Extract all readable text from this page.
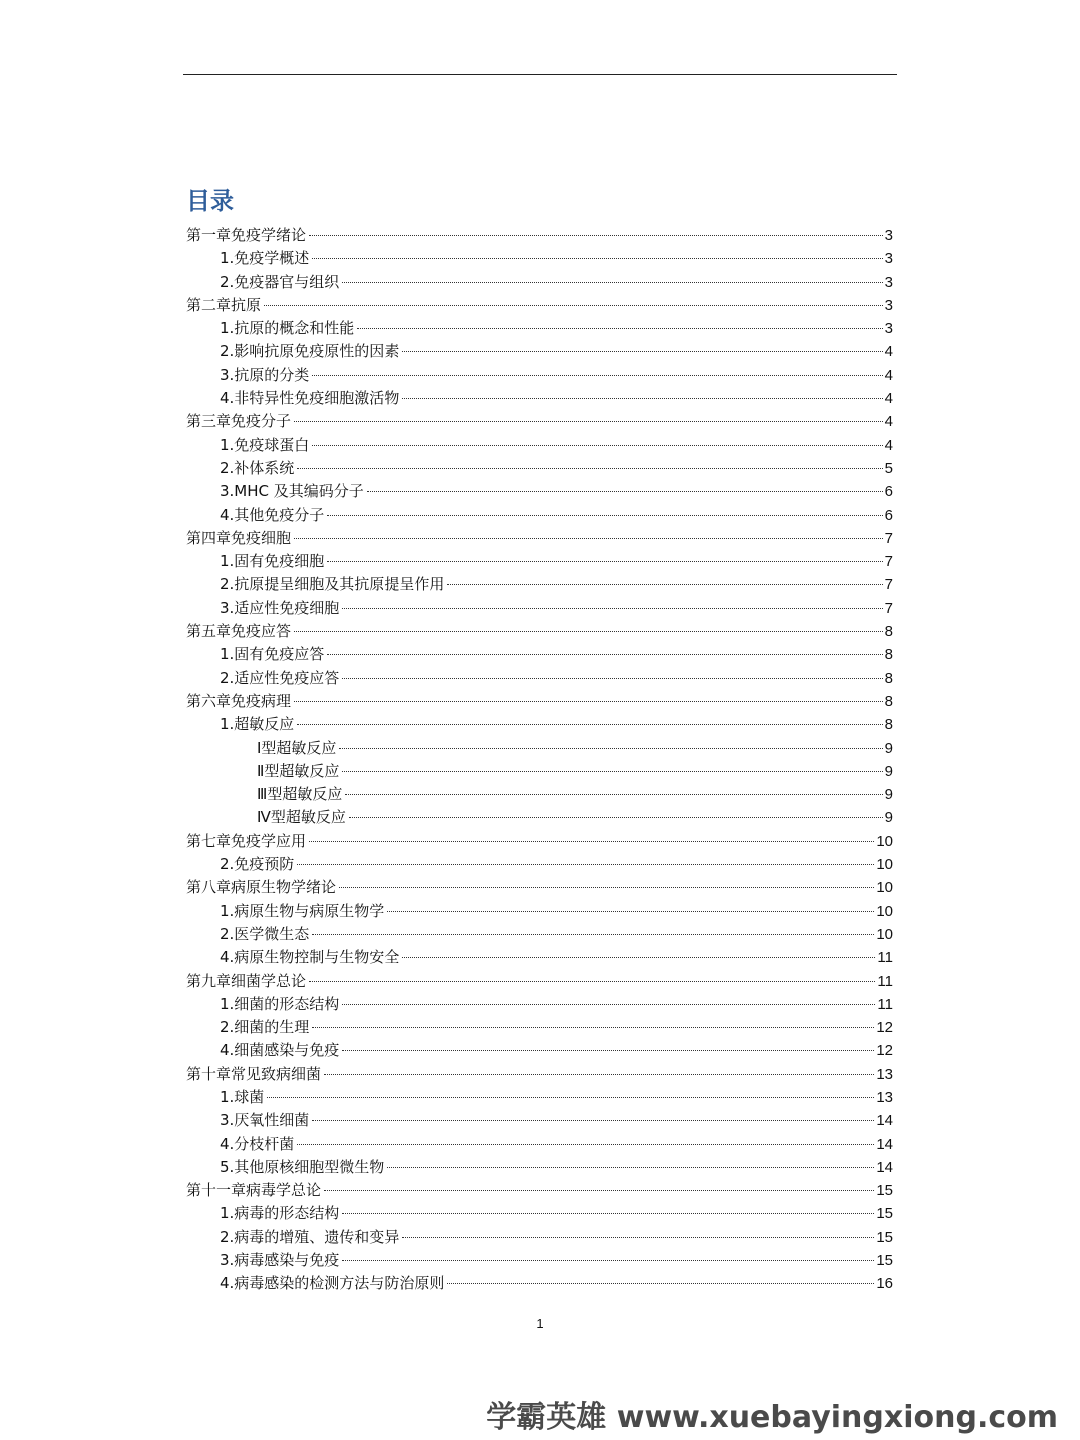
目录
第一章免疫学绪论	3
1.免疫学概述	3
2.免疫器官与组织	3
第二章抗原	3
1.抗原的概念和性能	3
2.影响抗原免疫原性的因素	4
3.抗原的分类	4
4.非特异性免疫细胞激活物	4
第三章免疫分子	4
1.免疫球蛋白	4
2.补体系统	5
3.MHC 及其编码分子	6
4.其他免疫分子	6
第四章免疫细胞	7
1.固有免疫细胞	7
2.抗原提呈细胞及其抗原提呈作用	7
3.适应性免疫细胞	7
第五章免疫应答	8
1.固有免疫应答	8
2.适应性免疫应答	8
第六章免疫病理	8
1.超敏反应	8
Ⅰ型超敏反应	9
Ⅱ型超敏反应	9
Ⅲ型超敏反应	9
Ⅳ型超敏反应	9
第七章免疫学应用	10
2.免疫预防	10
第八章病原生物学绪论	10
1.病原生物与病原生物学	10
2.医学微生态	10
4.病原生物控制与生物安全	11
第九章细菌学总论	11
1.细菌的形态结构	11
2.细菌的生理	12
4.细菌感染与免疫	12
第十章常见致病细菌	13
1.球菌	13
3.厌氧性细菌	14
4.分枝杆菌	14
5.其他原核细胞型微生物	14
第十一章病毒学总论	15
1.病毒的形态结构	15
2.病毒的增殖、遗传和变异	15
3.病毒感染与免疫	15
4.病毒感染的检测方法与防治原则	16
1
学霸英雄 www.xuebayingxiong.com
